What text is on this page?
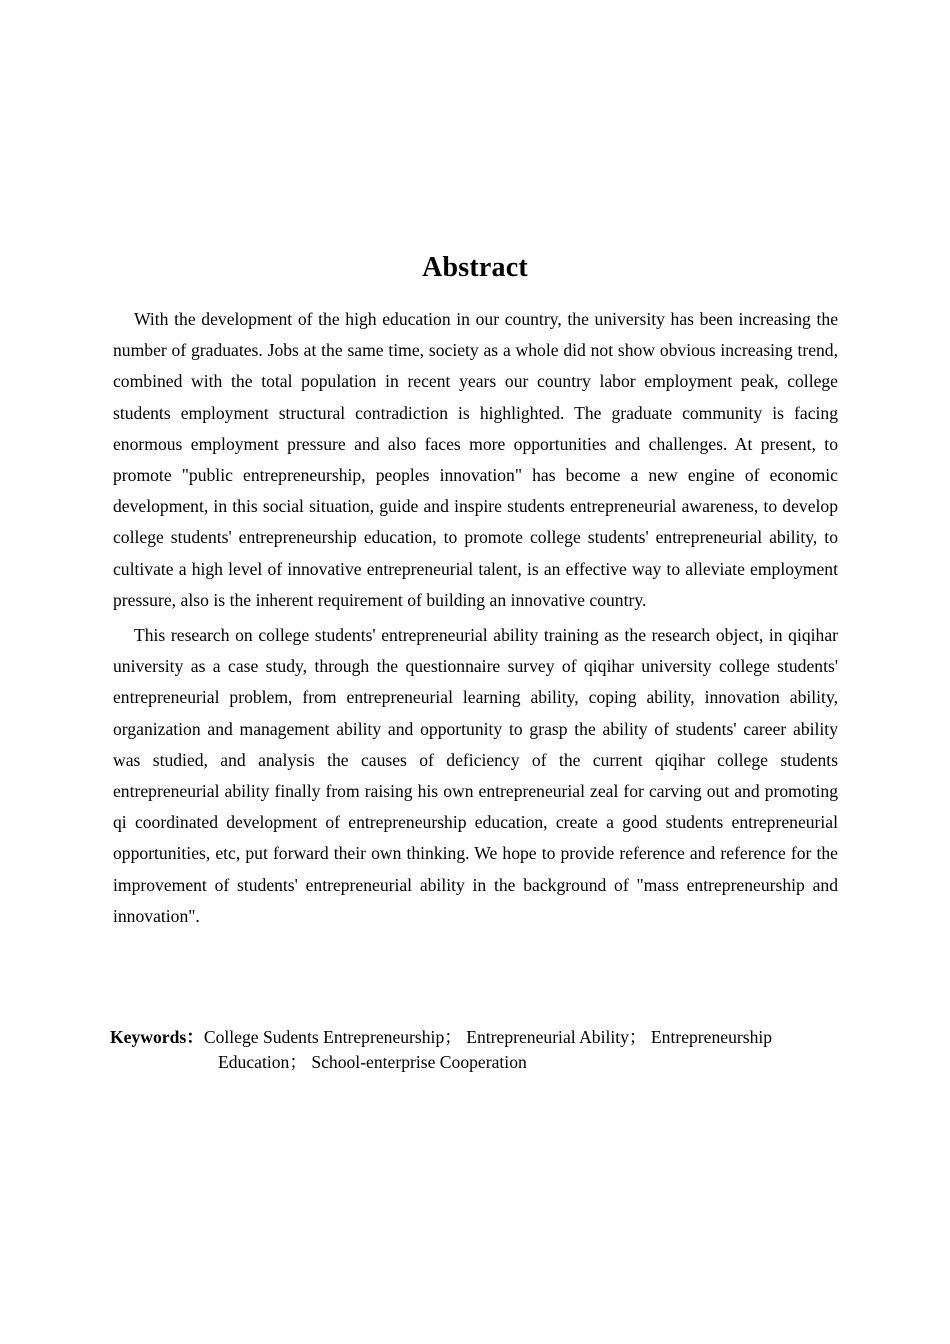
Abstract

With the development of the high education in our country, the university has been increasing the number of graduates. Jobs at the same time, society as a whole did not show obvious increasing trend, combined with the total population in recent years our country labor employment peak, college students employment structural contradiction is highlighted. The graduate community is facing enormous employment pressure and also faces more opportunities and challenges. At present, to promote "public entrepreneurship, peoples innovation" has become a new engine of economic development, in this social situation, guide and inspire students entrepreneurial awareness, to develop college students' entrepreneurship education, to promote college students' entrepreneurial ability, to cultivate a high level of innovative entrepreneurial talent, is an effective way to alleviate employment pressure, also is the inherent requirement of building an innovative country.

This research on college students' entrepreneurial ability training as the research object, in qiqihar university as a case study, through the questionnaire survey of qiqihar university college students' entrepreneurial problem, from entrepreneurial learning ability, coping ability, innovation ability, organization and management ability and opportunity to grasp the ability of students' career ability was studied, and analysis the causes of deficiency of the current qiqihar college students entrepreneurial ability finally from raising his own entrepreneurial zeal for carving out and promoting qi coordinated development of entrepreneurship education, create a good students entrepreneurial opportunities, etc, put forward their own thinking. We hope to provide reference and reference for the improvement of students' entrepreneurial ability in the background of "mass entrepreneurship and innovation".

Keywords：College Sudents Entrepreneurship； Entrepreneurial Ability； Entrepreneurship
Education； School-enterprise Cooperation
